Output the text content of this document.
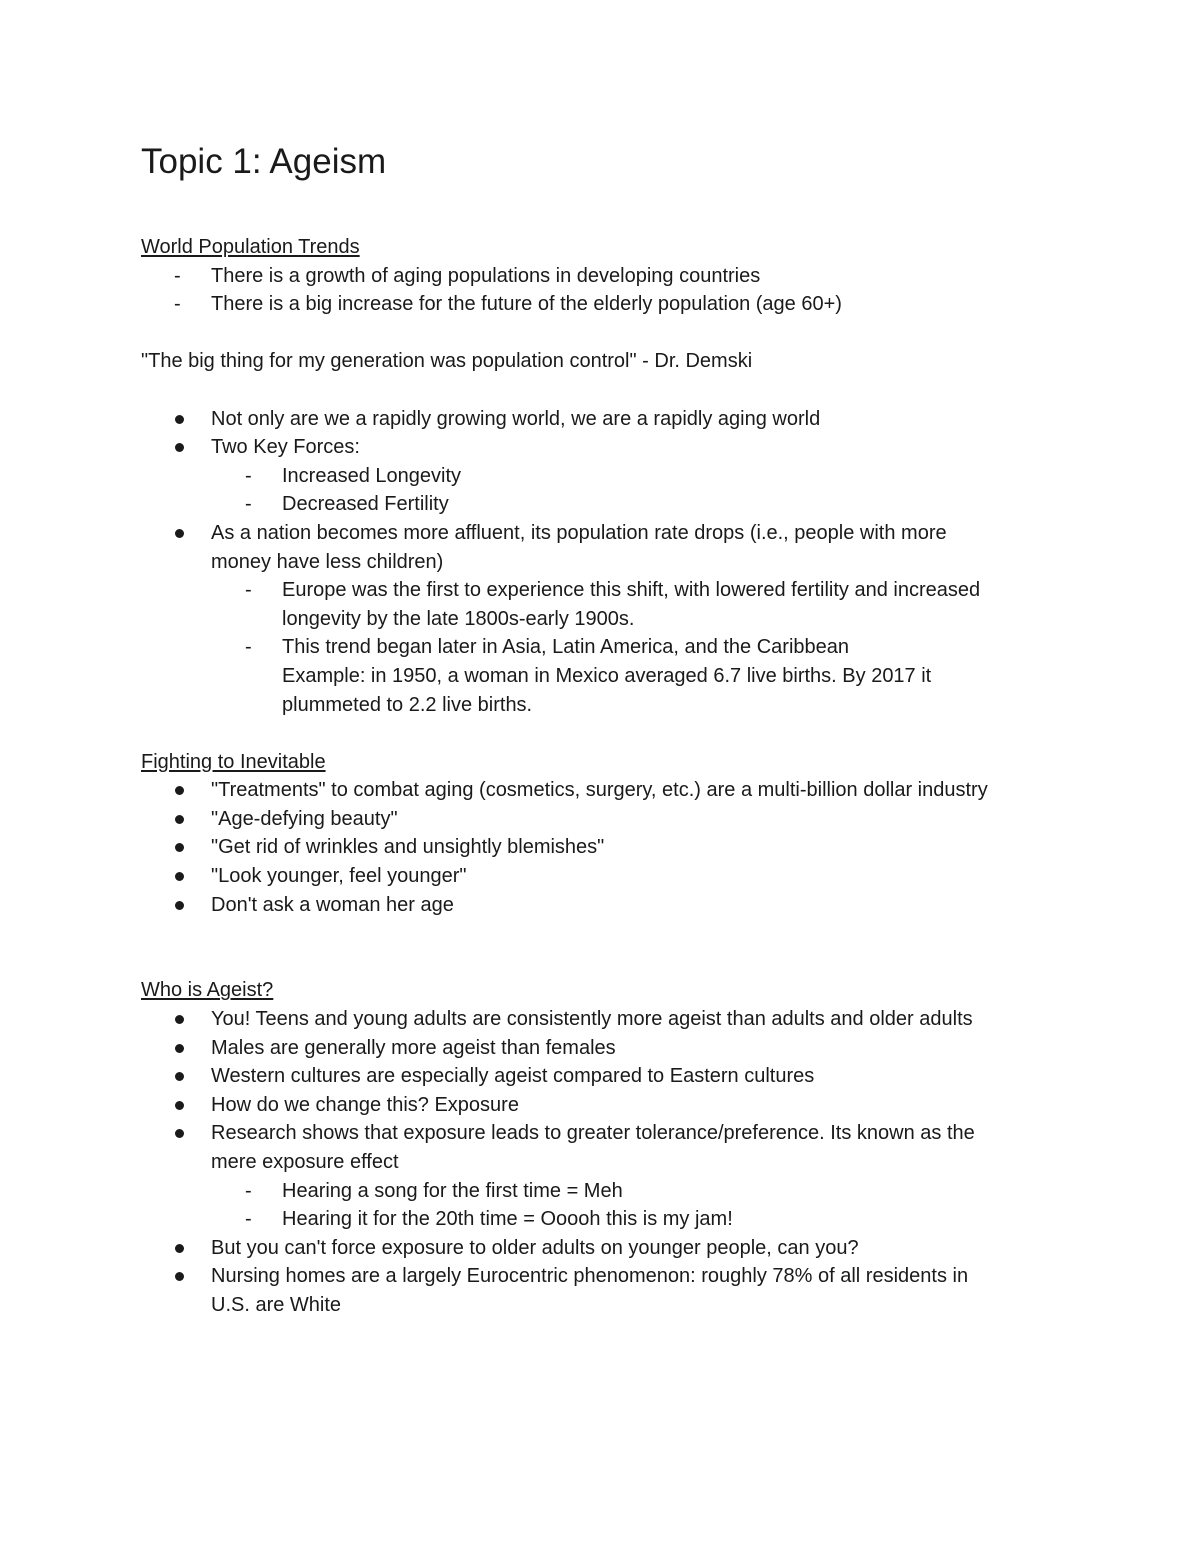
Topic 1: Ageism
World Population Trends
- There is a growth of aging populations in developing countries
- There is a big increase for the future of the elderly population (age 60+)
"The big thing for my generation was population control" - Dr. Demski
Not only are we a rapidly growing world, we are a rapidly aging world
Two Key Forces:
- Increased Longevity
- Decreased Fertility
As a nation becomes more affluent, its population rate drops (i.e., people with more
money have less children)
- Europe was the first to experience this shift, with lowered fertility and increased
longevity by the late 1800s-early 1900s.
- This trend began later in Asia, Latin America, and the Caribbean
Example: in 1950, a woman in Mexico averaged 6.7 live births. By 2017 it
plummeted to 2.2 live births.
Fighting to Inevitable
"Treatments" to combat aging (cosmetics, surgery, etc.) are a multi-billion dollar industry
"Age-defying beauty"
"Get rid of wrinkles and unsightly blemishes"
"Look younger, feel younger"
Don't ask a woman her age
Who is Ageist?
You! Teens and young adults are consistently more ageist than adults and older adults
Males are generally more ageist than females
Western cultures are especially ageist compared to Eastern cultures
How do we change this? Exposure
Research shows that exposure leads to greater tolerance/preference. Its known as the
mere exposure effect
- Hearing a song for the first time = Meh
- Hearing it for the 20th time = Ooooh this is my jam!
But you can't force exposure to older adults on younger people, can you?
Nursing homes are a largely Eurocentric phenomenon: roughly 78% of all residents in
U.S. are White
